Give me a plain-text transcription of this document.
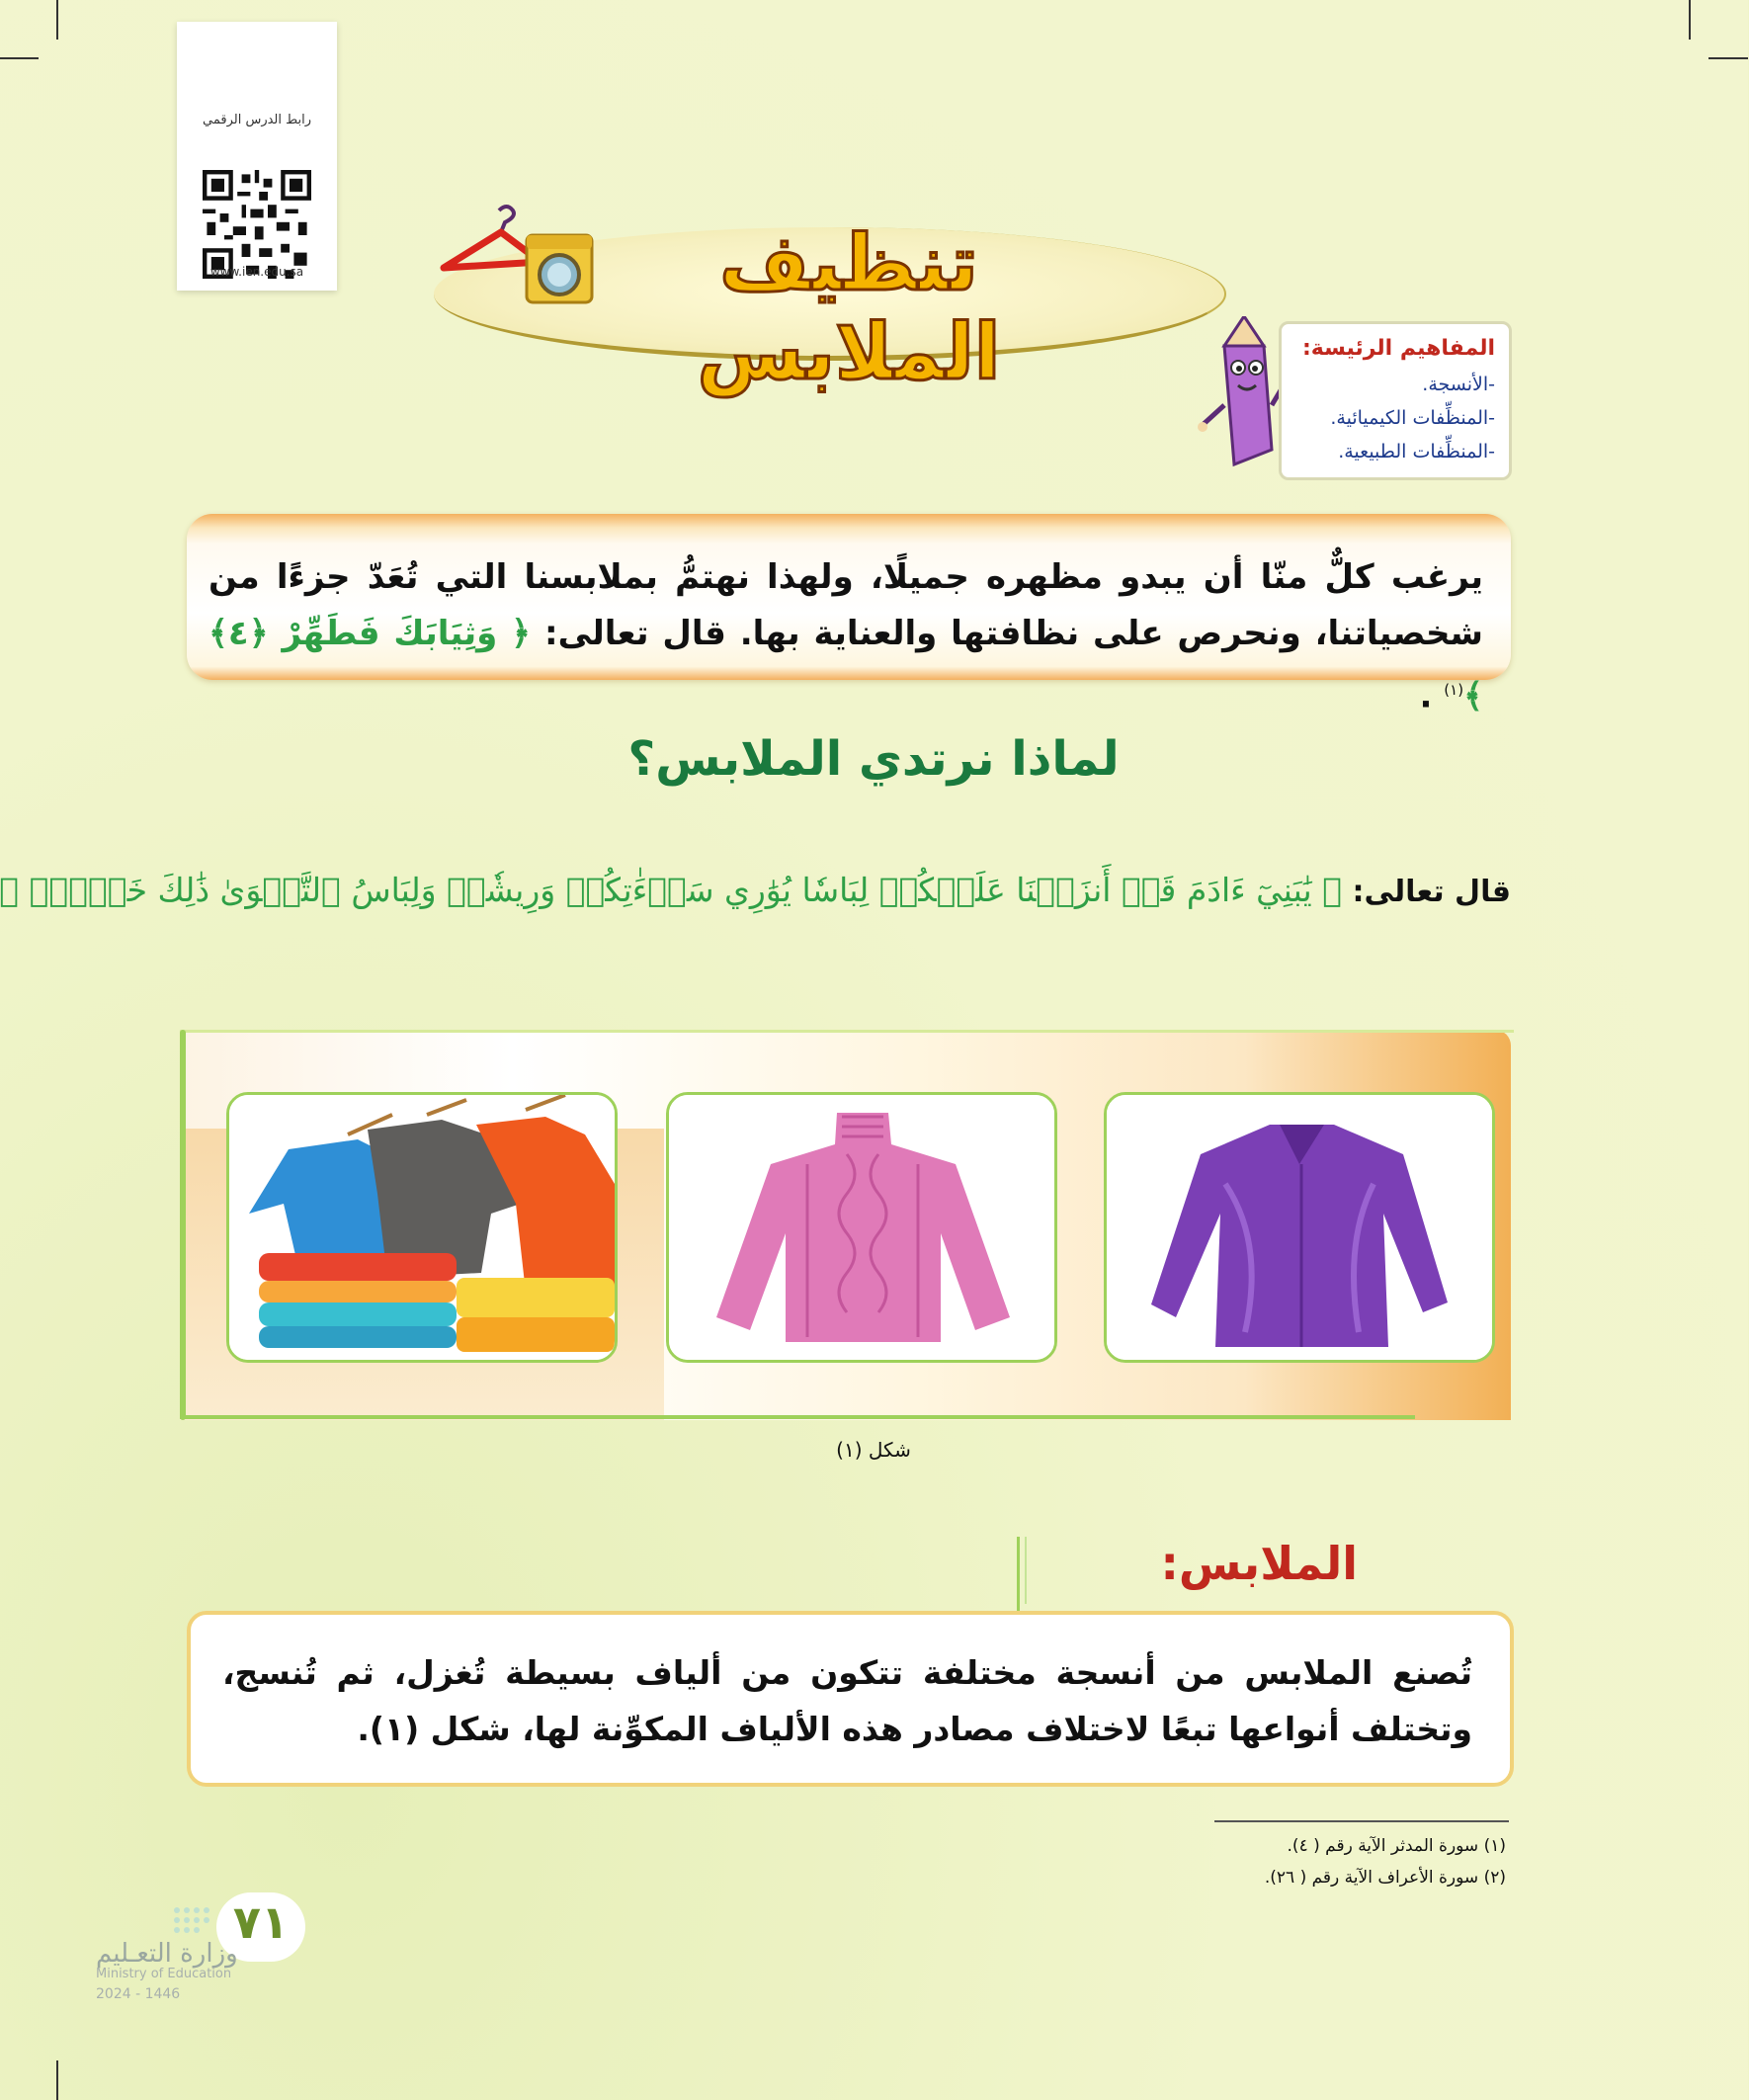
رابط الدرس الرقمي
www.ien.edu.sa	تنظيف الملابس	المفاهيم الرئيسة:
-الأنسجة.
-المنظِّفات الكيميائية.
-المنظِّفات الطبيعية.
يرغب كلٌّ منّا أن يبدو مظهره جميلًا، ولهذا نهتمُّ بملابسنا التي تُعَدّ جزءًا من شخصياتنا، ونحرص على نظافتها والعناية بها. قال تعالى: ﴿ وَثِيَابَكَ فَطَهِّرْ ﴿٤﴾ ﴾$^{(١)}$ .
لماذا نرتدي الملابس؟
قال تعالى: ﴿ يَٰبَنِيٓ ءَادَمَ قَدۡ أَنزَلۡنَا عَلَيۡكُمۡ لِبَاسٗا يُوَٰرِي سَوۡءَٰتِكُمۡ وَرِيشٗاۖ وَلِبَاسُ ٱلتَّقۡوَىٰ ذَٰلِكَ خَيۡرٞۚ ﴾
شكل (١)
الملابس:
تُصنع الملابس من أنسجة مختلفة تتكون من ألياف بسيطة تُغزل، ثم تُنسج، وتختلف أنواعها تبعًا لاختلاف مصادر هذه الألياف المكوِّنة لها، شكل (١).
(١) سورة المدثر الآية رقم ( ٤).
(٢) سورة الأعراف الآية رقم ( ٢٦).
٧١
وزارة التعـليم
Ministry of Education
2024 - 1446
